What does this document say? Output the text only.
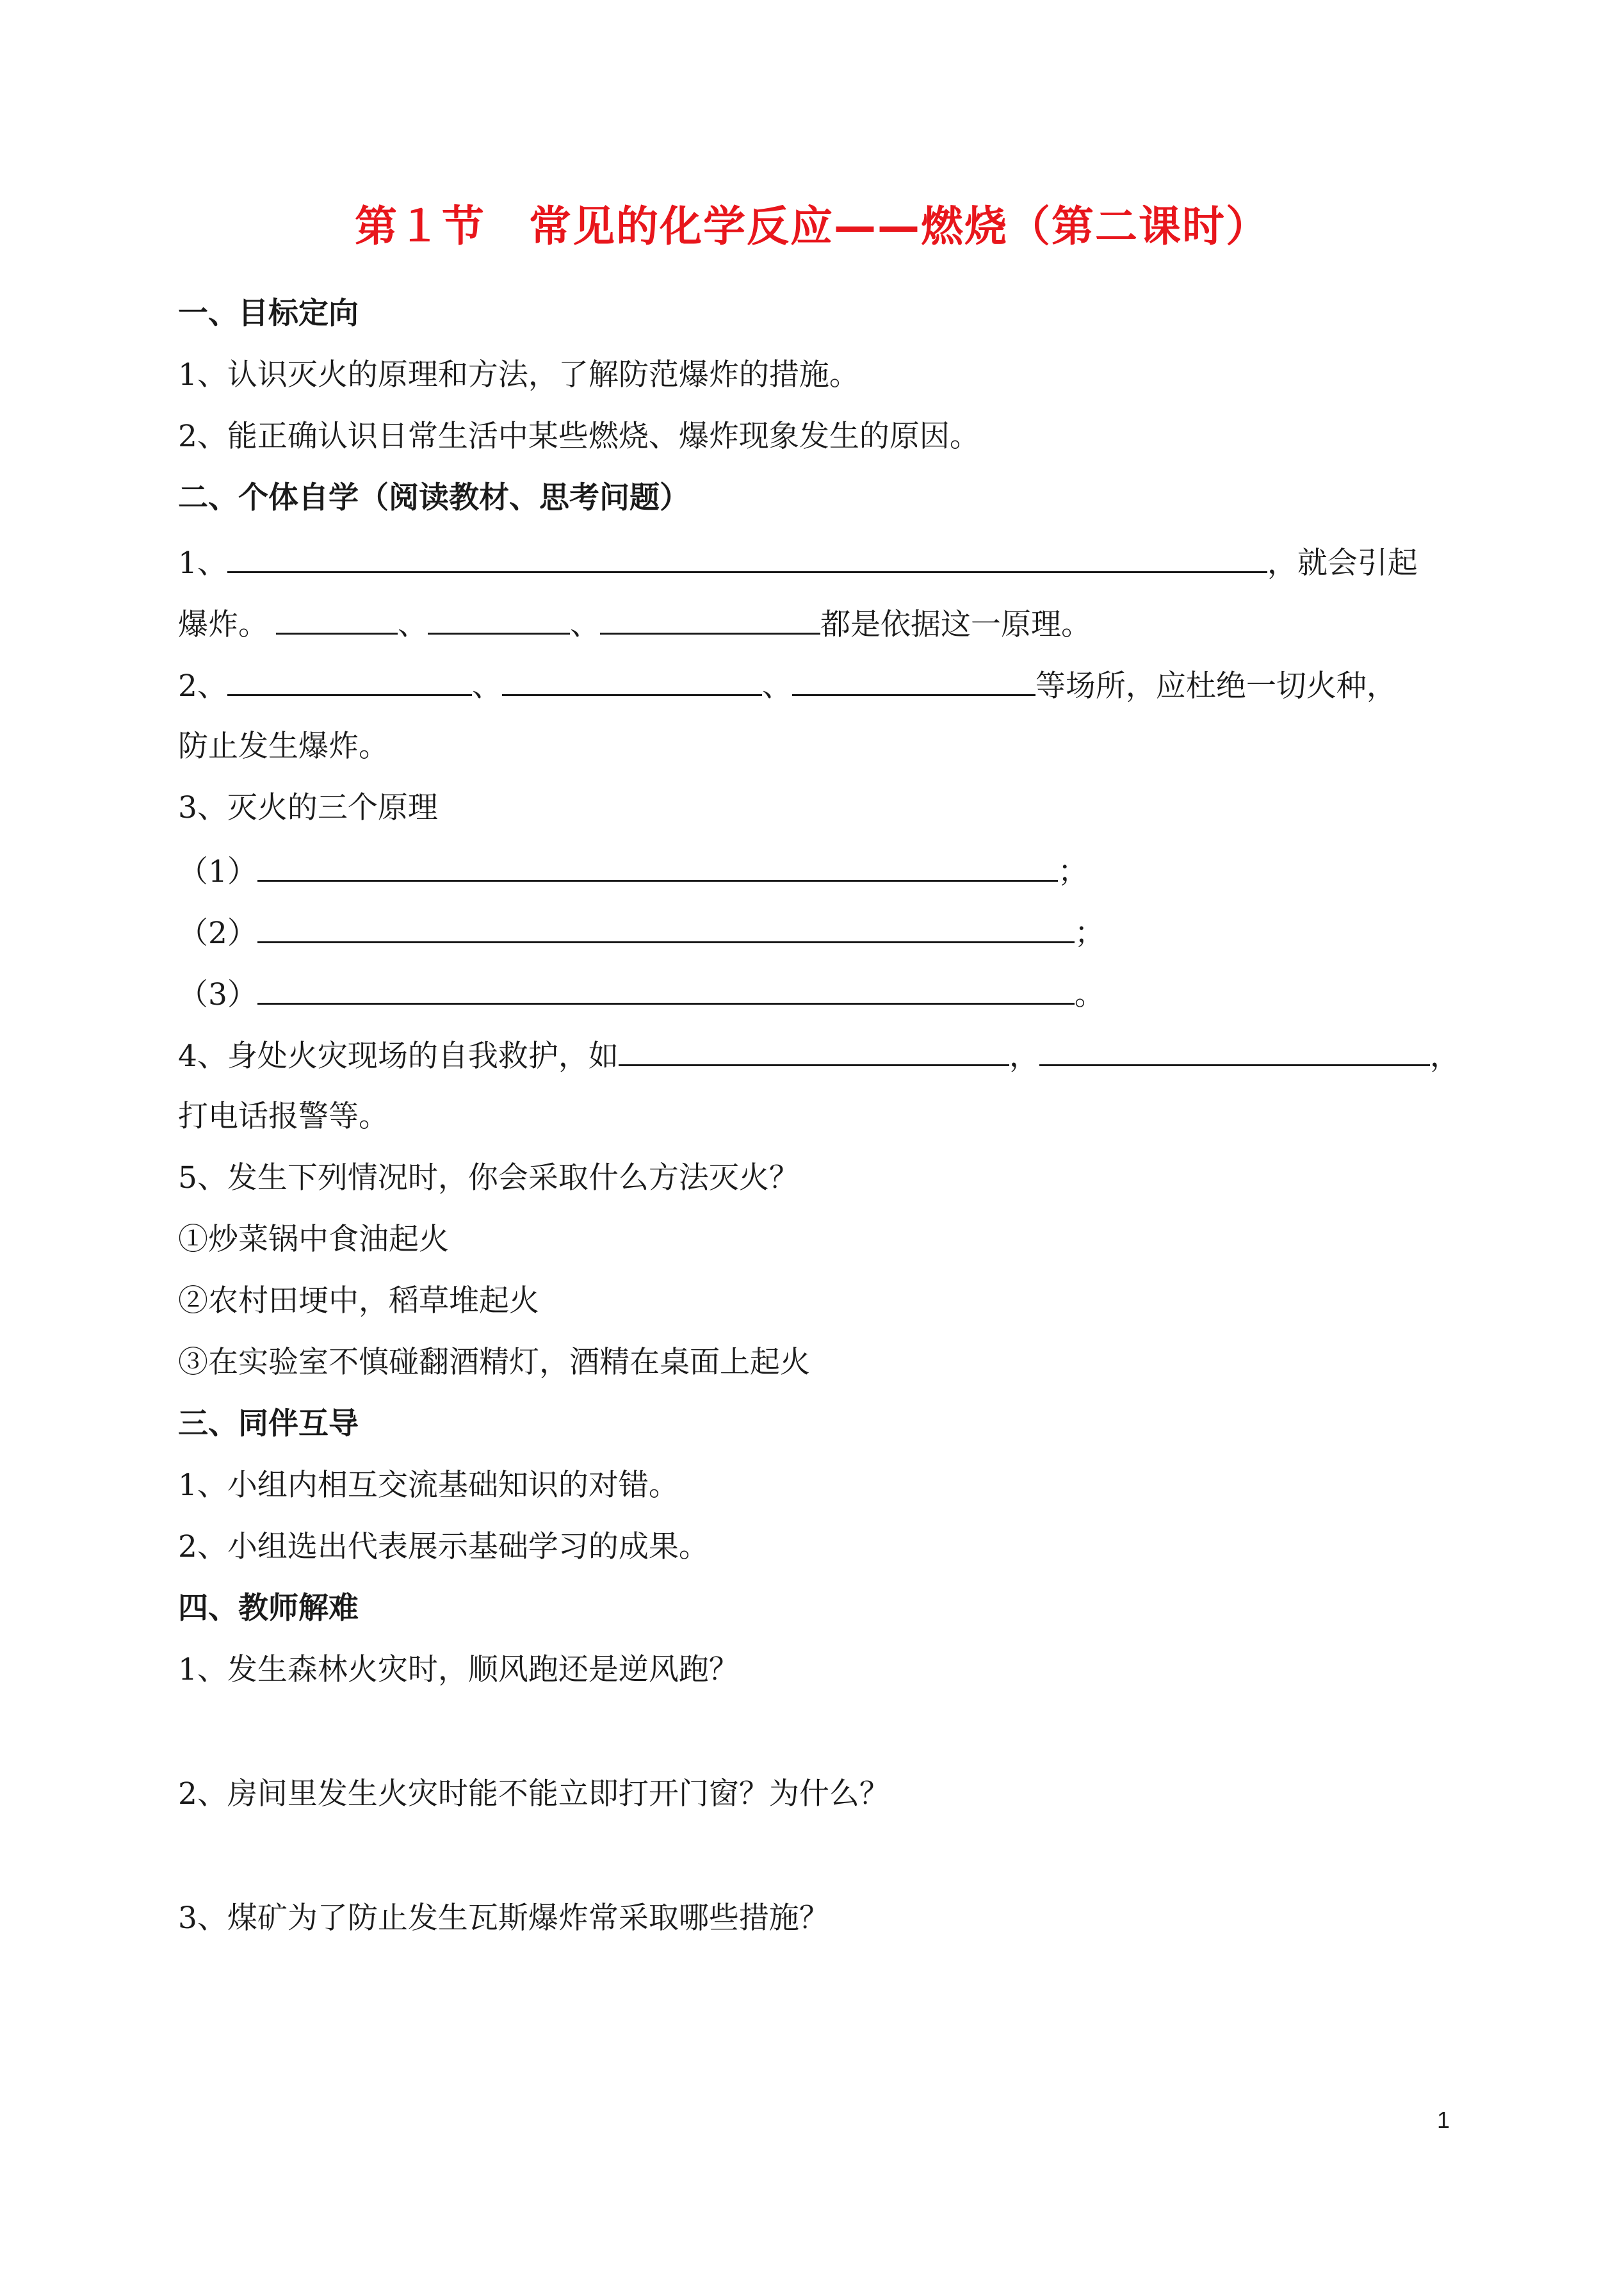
第１节　常见的化学反应——燃烧（第二课时）
一、目标定向
1、认识灭火的原理和方法，了解防范爆炸的措施。
2、能正确认识日常生活中某些燃烧、爆炸现象发生的原因。
二、个体自学（阅读教材、思考问题）
1、	，就会引起
爆炸。	、	、	都是依据这一原理。
2、	、	、	等场所，应杜绝一切火种，
防止发生爆炸。
3、灭火的三个原理
（1）	；
（2）	；
（3）	。
4、身处火灾现场的自我救护，如	，	，
打电话报警等。
5、发生下列情况时，你会采取什么方法灭火？
①炒菜锅中食油起火
②农村田埂中，稻草堆起火
③在实验室不慎碰翻酒精灯，酒精在桌面上起火
三、同伴互导
1、小组内相互交流基础知识的对错。
2、小组选出代表展示基础学习的成果。
四、教师解难
1、发生森林火灾时，顺风跑还是逆风跑？
2、房间里发生火灾时能不能立即打开门窗？为什么？
3、煤矿为了防止发生瓦斯爆炸常采取哪些措施？
1
